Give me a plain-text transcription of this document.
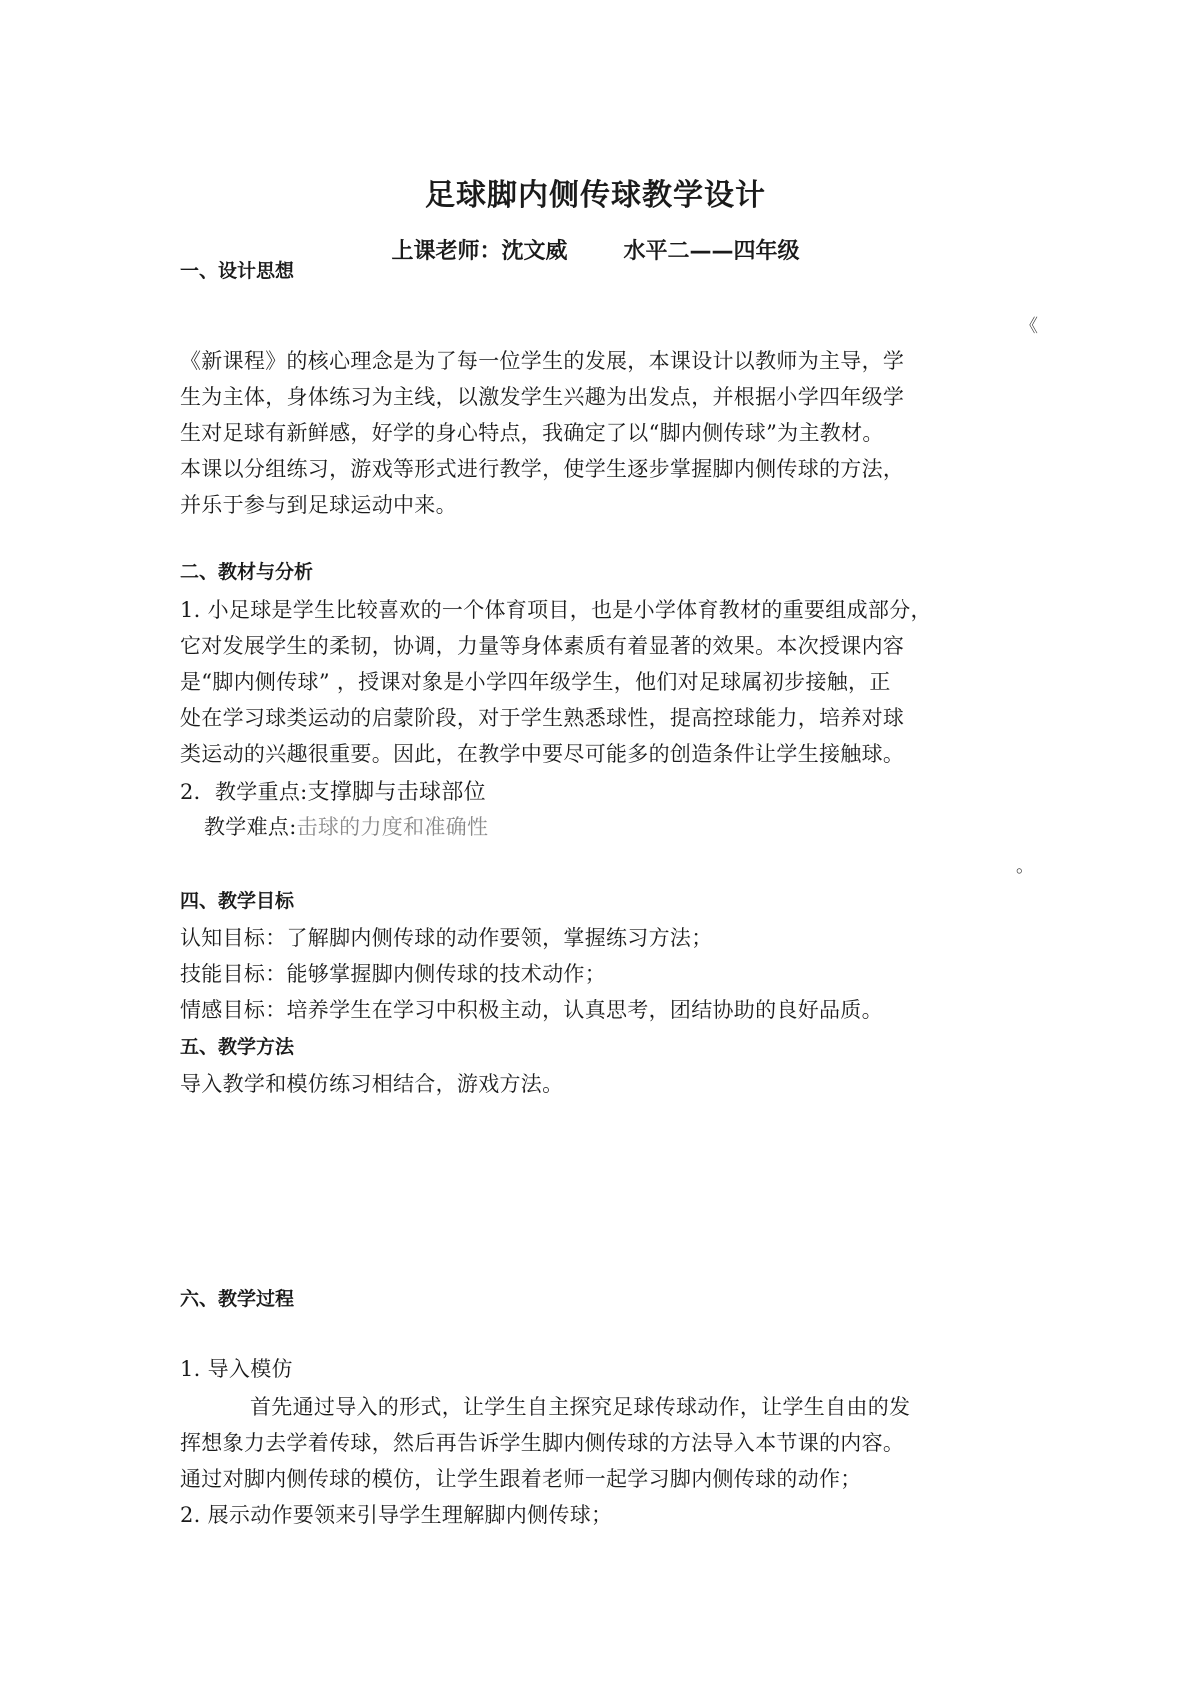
足球脚内侧传球教学设计
上课老师：沈文威	水平二——四年级
一、设计思想
《
《新课程》的核心理念是为了每一位学生的发展，本课设计以教师为主导，学
生为主体，身体练习为主线，以激发学生兴趣为出发点，并根据小学四年级学
生对足球有新鲜感，好学的身心特点，我确定了以“脚内侧传球”为主教材。
本课以分组练习，游戏等形式进行教学，使学生逐步掌握脚内侧传球的方法，
并乐于参与到足球运动中来。
二、教材与分析
1. 小足球是学生比较喜欢的一个体育项目，也是小学体育教材的重要组成部分，
它对发展学生的柔韧，协调，力量等身体素质有着显著的效果。本次授课内容
是“脚内侧传球” ，授课对象是小学四年级学生，他们对足球属初步接触，正
处在学习球类运动的启蒙阶段，对于学生熟悉球性，提高控球能力，培养对球
类运动的兴趣很重要。因此，在教学中要尽可能多的创造条件让学生接触球。
2．教学重点:支撑脚与击球部位
教学难点:击球的力度和准确性
。
四、教学目标
认知目标：了解脚内侧传球的动作要领，掌握练习方法；
技能目标：能够掌握脚内侧传球的技术动作；
情感目标：培养学生在学习中积极主动，认真思考，团结协助的良好品质。
五、教学方法
导入教学和模仿练习相结合，游戏方法。
六、教学过程
1. 导入模仿
首先通过导入的形式，让学生自主探究足球传球动作，让学生自由的发
挥想象力去学着传球，然后再告诉学生脚内侧传球的方法导入本节课的内容。
通过对脚内侧传球的模仿，让学生跟着老师一起学习脚内侧传球的动作；
2. 展示动作要领来引导学生理解脚内侧传球；
